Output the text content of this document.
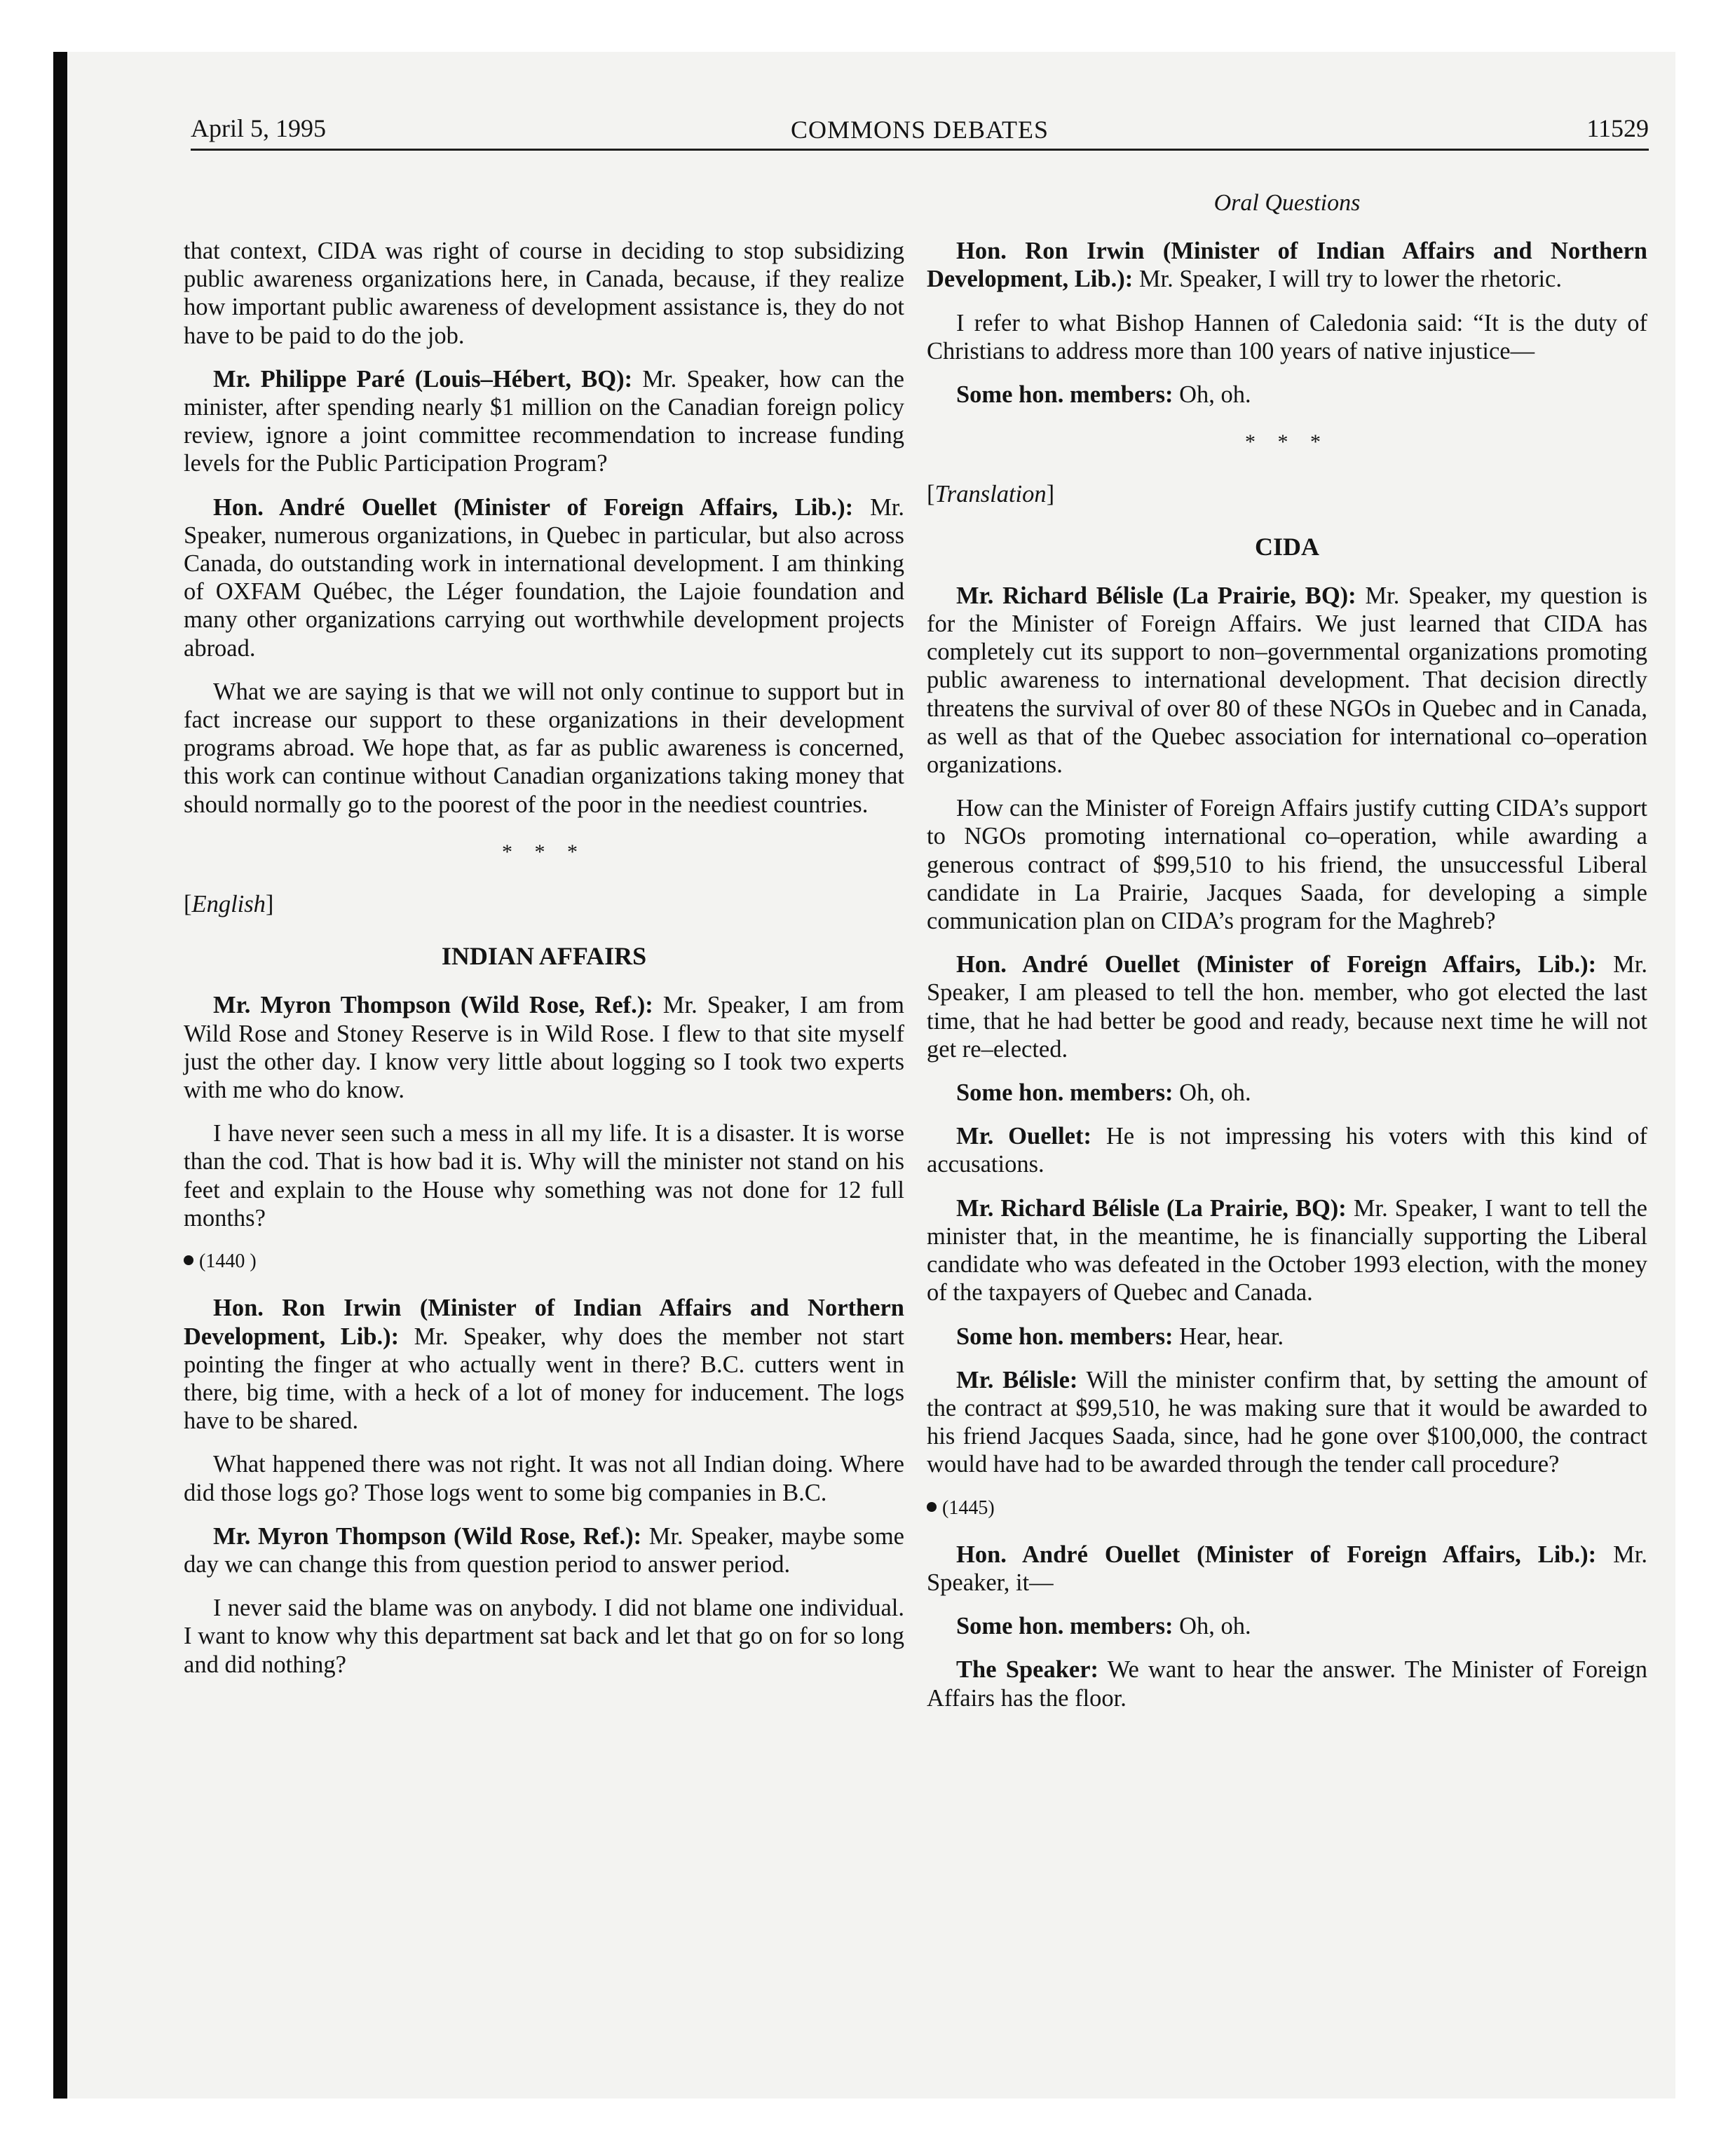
April 5, 1995	COMMONS DEBATES	11529

that context, CIDA was right of course in deciding to stop subsidizing public awareness organizations here, in Canada, because, if they realize how important public awareness of development assistance is, they do not have to be paid to do the job.

Mr. Philippe Paré (Louis–Hébert, BQ): Mr. Speaker, how can the minister, after spending nearly $1 million on the Canadian foreign policy review, ignore a joint committee recommendation to increase funding levels for the Public Participation Program?

Hon. André Ouellet (Minister of Foreign Affairs, Lib.): Mr. Speaker, numerous organizations, in Quebec in particular, but also across Canada, do outstanding work in international development. I am thinking of OXFAM Québec, the Léger foundation, the Lajoie foundation and many other organizations carrying out worthwhile development projects abroad.

What we are saying is that we will not only continue to support but in fact increase our support to these organizations in their development programs abroad. We hope that, as far as public awareness is concerned, this work can continue without Canadian organizations taking money that should normally go to the poorest of the poor in the neediest countries.

* * *
[English]
INDIAN AFFAIRS

Mr. Myron Thompson (Wild Rose, Ref.): Mr. Speaker, I am from Wild Rose and Stoney Reserve is in Wild Rose. I flew to that site myself just the other day. I know very little about logging so I took two experts with me who do know.

I have never seen such a mess in all my life. It is a disaster. It is worse than the cod. That is how bad it is. Why will the minister not stand on his feet and explain to the House why something was not done for 12 full months?

(1440 )

Hon. Ron Irwin (Minister of Indian Affairs and Northern Development, Lib.): Mr. Speaker, why does the member not start pointing the finger at who actually went in there? B.C. cutters went in there, big time, with a heck of a lot of money for inducement. The logs have to be shared.

What happened there was not right. It was not all Indian doing. Where did those logs go? Those logs went to some big companies in B.C.

Mr. Myron Thompson (Wild Rose, Ref.): Mr. Speaker, maybe some day we can change this from question period to answer period.

I never said the blame was on anybody. I did not blame one individual. I want to know why this department sat back and let that go on for so long and did nothing?

Oral Questions

Hon. Ron Irwin (Minister of Indian Affairs and Northern Development, Lib.): Mr. Speaker, I will try to lower the rhetoric.

I refer to what Bishop Hannen of Caledonia said: “It is the duty of Christians to address more than 100 years of native injustice—

Some hon. members: Oh, oh.

* * *
[Translation]
CIDA

Mr. Richard Bélisle (La Prairie, BQ): Mr. Speaker, my question is for the Minister of Foreign Affairs. We just learned that CIDA has completely cut its support to non–governmental organizations promoting public awareness to international development. That decision directly threatens the survival of over 80 of these NGOs in Quebec and in Canada, as well as that of the Quebec association for international co–operation organizations.

How can the Minister of Foreign Affairs justify cutting CIDA’s support to NGOs promoting international co–operation, while awarding a generous contract of $99,510 to his friend, the unsuccessful Liberal candidate in La Prairie, Jacques Saada, for developing a simple communication plan on CIDA’s program for the Maghreb?

Hon. André Ouellet (Minister of Foreign Affairs, Lib.): Mr. Speaker, I am pleased to tell the hon. member, who got elected the last time, that he had better be good and ready, because next time he will not get re–elected.

Some hon. members: Oh, oh.

Mr. Ouellet: He is not impressing his voters with this kind of accusations.

Mr. Richard Bélisle (La Prairie, BQ): Mr. Speaker, I want to tell the minister that, in the meantime, he is financially supporting the Liberal candidate who was defeated in the October 1993 election, with the money of the taxpayers of Quebec and Canada.

Some hon. members: Hear, hear.

Mr. Bélisle: Will the minister confirm that, by setting the amount of the contract at $99,510, he was making sure that it would be awarded to his friend Jacques Saada, since, had he gone over $100,000, the contract would have had to be awarded through the tender call procedure?

(1445)

Hon. André Ouellet (Minister of Foreign Affairs, Lib.): Mr. Speaker, it—

Some hon. members: Oh, oh.

The Speaker: We want to hear the answer. The Minister of Foreign Affairs has the floor.
